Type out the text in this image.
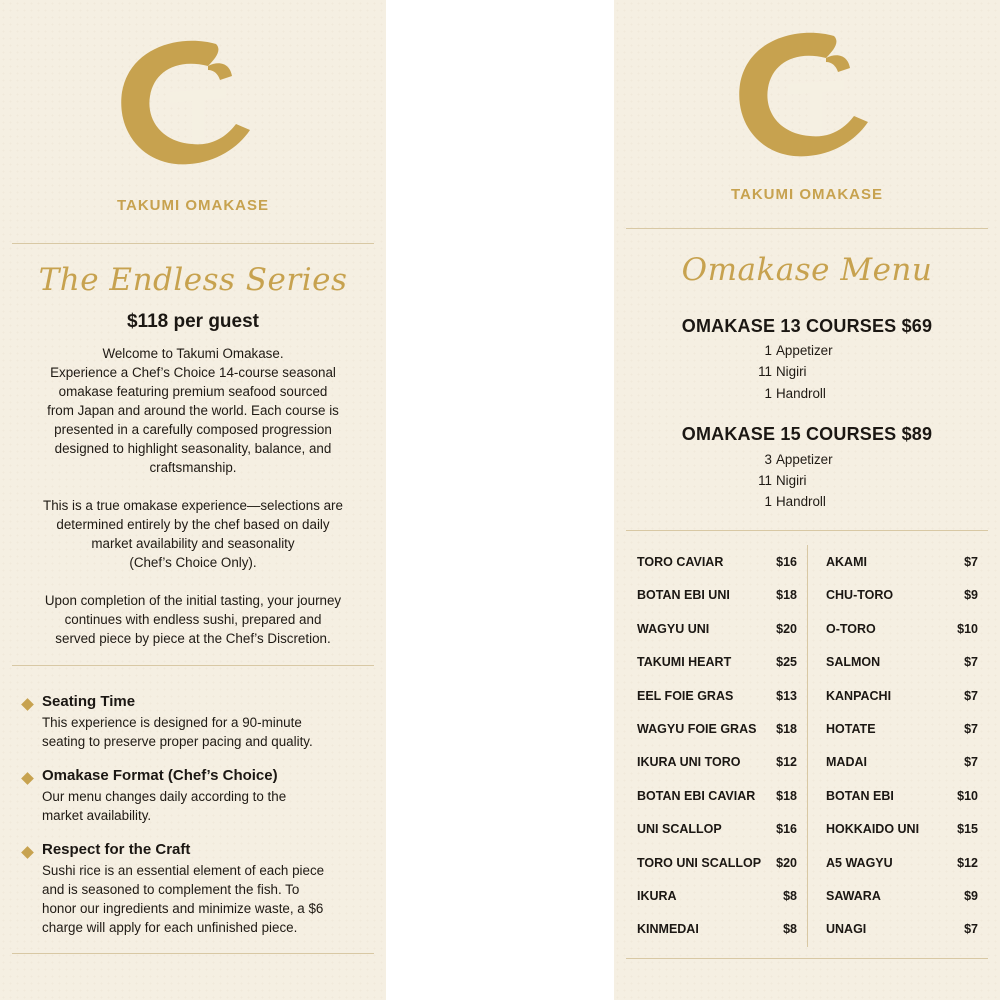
TAKUMI OMAKASE
The Endless Series
$118 per guest
Welcome to Takumi Omakase.
Experience a Chef’s Choice 14-course seasonal
omakase featuring premium seafood sourced
from Japan and around the world. Each course is
presented in a carefully composed progression
designed to highlight seasonality, balance, and
craftsmanship.
This is a true omakase experience—selections are
determined entirely by the chef based on daily
market availability and seasonality
(Chef’s Choice Only).
Upon completion of the initial tasting, your journey
continues with endless sushi, prepared and
served piece by piece at the Chef’s Discretion.
Seating Time
This experience is designed for a 90-minute
seating to preserve proper pacing and quality.
Omakase Format (Chef’s Choice)
Our menu changes daily according to the
market availability.
Respect for the Craft
Sushi rice is an essential element of each piece
and is seasoned to complement the fish. To
honor our ingredients and minimize waste, a $6
charge will apply for each unfinished piece.
TAKUMI OMAKASE
Omakase Menu
OMAKASE 13 COURSES $69
1 Appetizer
11 Nigiri
1 Handroll
OMAKASE 15 COURSES $89
3 Appetizer
11 Nigiri
1 Handroll
TORO CAVIAR	$16
BOTAN EBI UNI	$18
WAGYU UNI	$20
TAKUMI HEART	$25
EEL FOIE GRAS	$13
WAGYU FOIE GRAS $18
IKURA UNI TORO	$12
BOTAN EBI CAVIAR $18
UNI SCALLOP	$16
TORO UNI SCALLOP $20
IKURA	$8
KINMEDAI	$8
AKAMI	$7
CHU-TORO	$9
O-TORO	$10
SALMON	$7
KANPACHI	$7
HOTATE	$7
MADAI	$7
BOTAN EBI	$10
HOKKAIDO UNI	$15
A5 WAGYU	$12
SAWARA	$9
UNAGI	$7
